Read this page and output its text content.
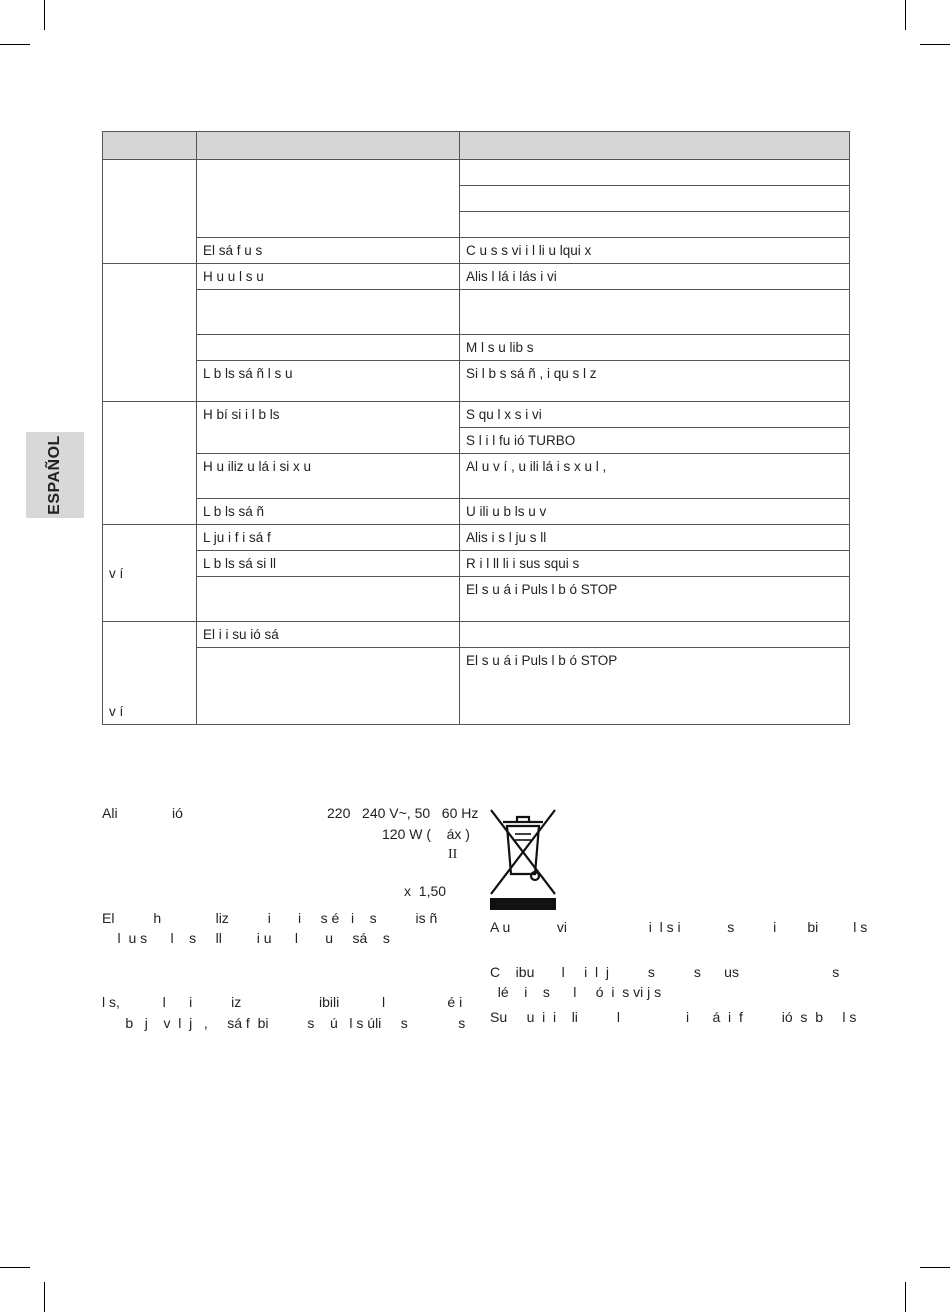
ESPAÑOL

	El sá f u s	C u s s vi i l li u lqui x
	H u u l s u	Alis l lá i lás i vi

		M l s u lib s
	L b ls sá ñ l s u	Si l b s sá ñ , i qu s l z
	H bí si i l b ls	S qu l x s i vi
		S l i l fu ió TURBO
	H u iliz u lá i si x u	Al u v í , u ili lá i s x u l ,
	L b ls sá ñ	U ili u b ls u v
v í	L ju i f i sá f	Alis i s l ju s ll
	L b ls sá si ll	R i l ll li i sus squi s
		El s u á i Puls l b ó STOP
v í	El i i su ió sá	
		El s u á i Puls l b ó STOP
Ali              ió	220   240 V~, 50   60 Hz
120 W (    áx )
II
x  1,50
El          h              liz          i       i     s é   i    s          is ñ
l  u s      l    s     ll         i u      l       u     sá    s
l s,           l      i          iz                    ibili           l                é i
b   j    v  l  j   ,     sá f  bi          s    ú   l s úli     s             s
A u            vi                     i  l s i            s          i        bi         l s
C    ibu       l     i  l  j          s          s      us                        s
lé    i    s      l     ó  i  s vi j s
Su     u  i  i    li          l                 i      á  i  f          ió  s  b     l s
